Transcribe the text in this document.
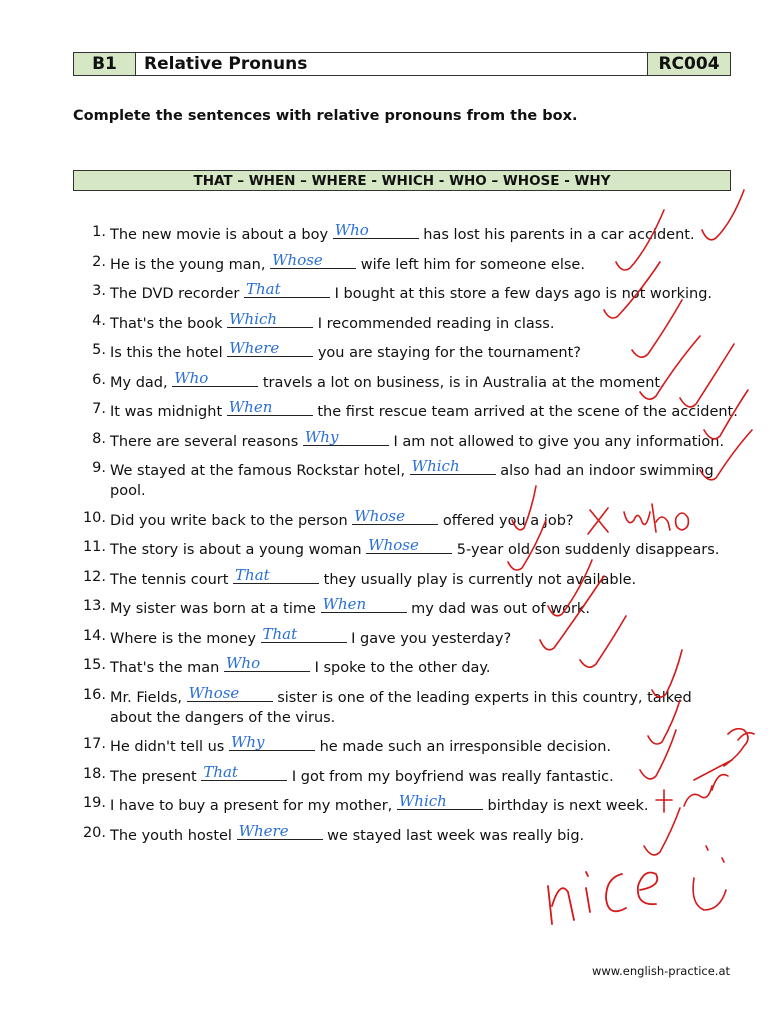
B1	Relative Pronuns	RC004
Complete the sentences with relative pronouns from the box.
THAT – WHEN – WHERE - WHICH - WHO – WHOSE - WHY
1. The new movie is about a boy Who	has lost his parents in a car accident.
2. He is the young man, Whose wife left him for someone else.
3. The DVD recorder That	I bought at this store a few days ago is not working.
4. That's the book Which I recommended reading in class.
5. Is this the hotel Where you are staying for the tournament?
6. My dad, Who	travels a lot on business, is in Australia at the moment.
7. It was midnight When	the first rescue team arrived at the scene of the accident.
8. There are several reasons Why	I am not allowed to give you any information.
9. We stayed at the famous Rockstar hotel, Which also had an indoor swimming pool.
10. Did you write back to the person Whose offered you a job?
11. The story is about a young woman Whose 5-year old son suddenly disappears.
12. The tennis court That	they usually play is currently not available.
13. My sister was born at a time When	my dad was out of work.
14. Where is the money That	I gave you yesterday?
15. That's the man Who	I spoke to the other day.
16. Mr. Fields, Whose sister is one of the leading experts in this country, talked about the dangers of the virus.
17. He didn't tell us Why	he made such an irresponsible decision.
18. The present That	I got from my boyfriend was really fantastic.
19. I have to buy a present for my mother, Which birthday is next week.
20. The youth hostel Where we stayed last week was really big.
www.english-practice.at
